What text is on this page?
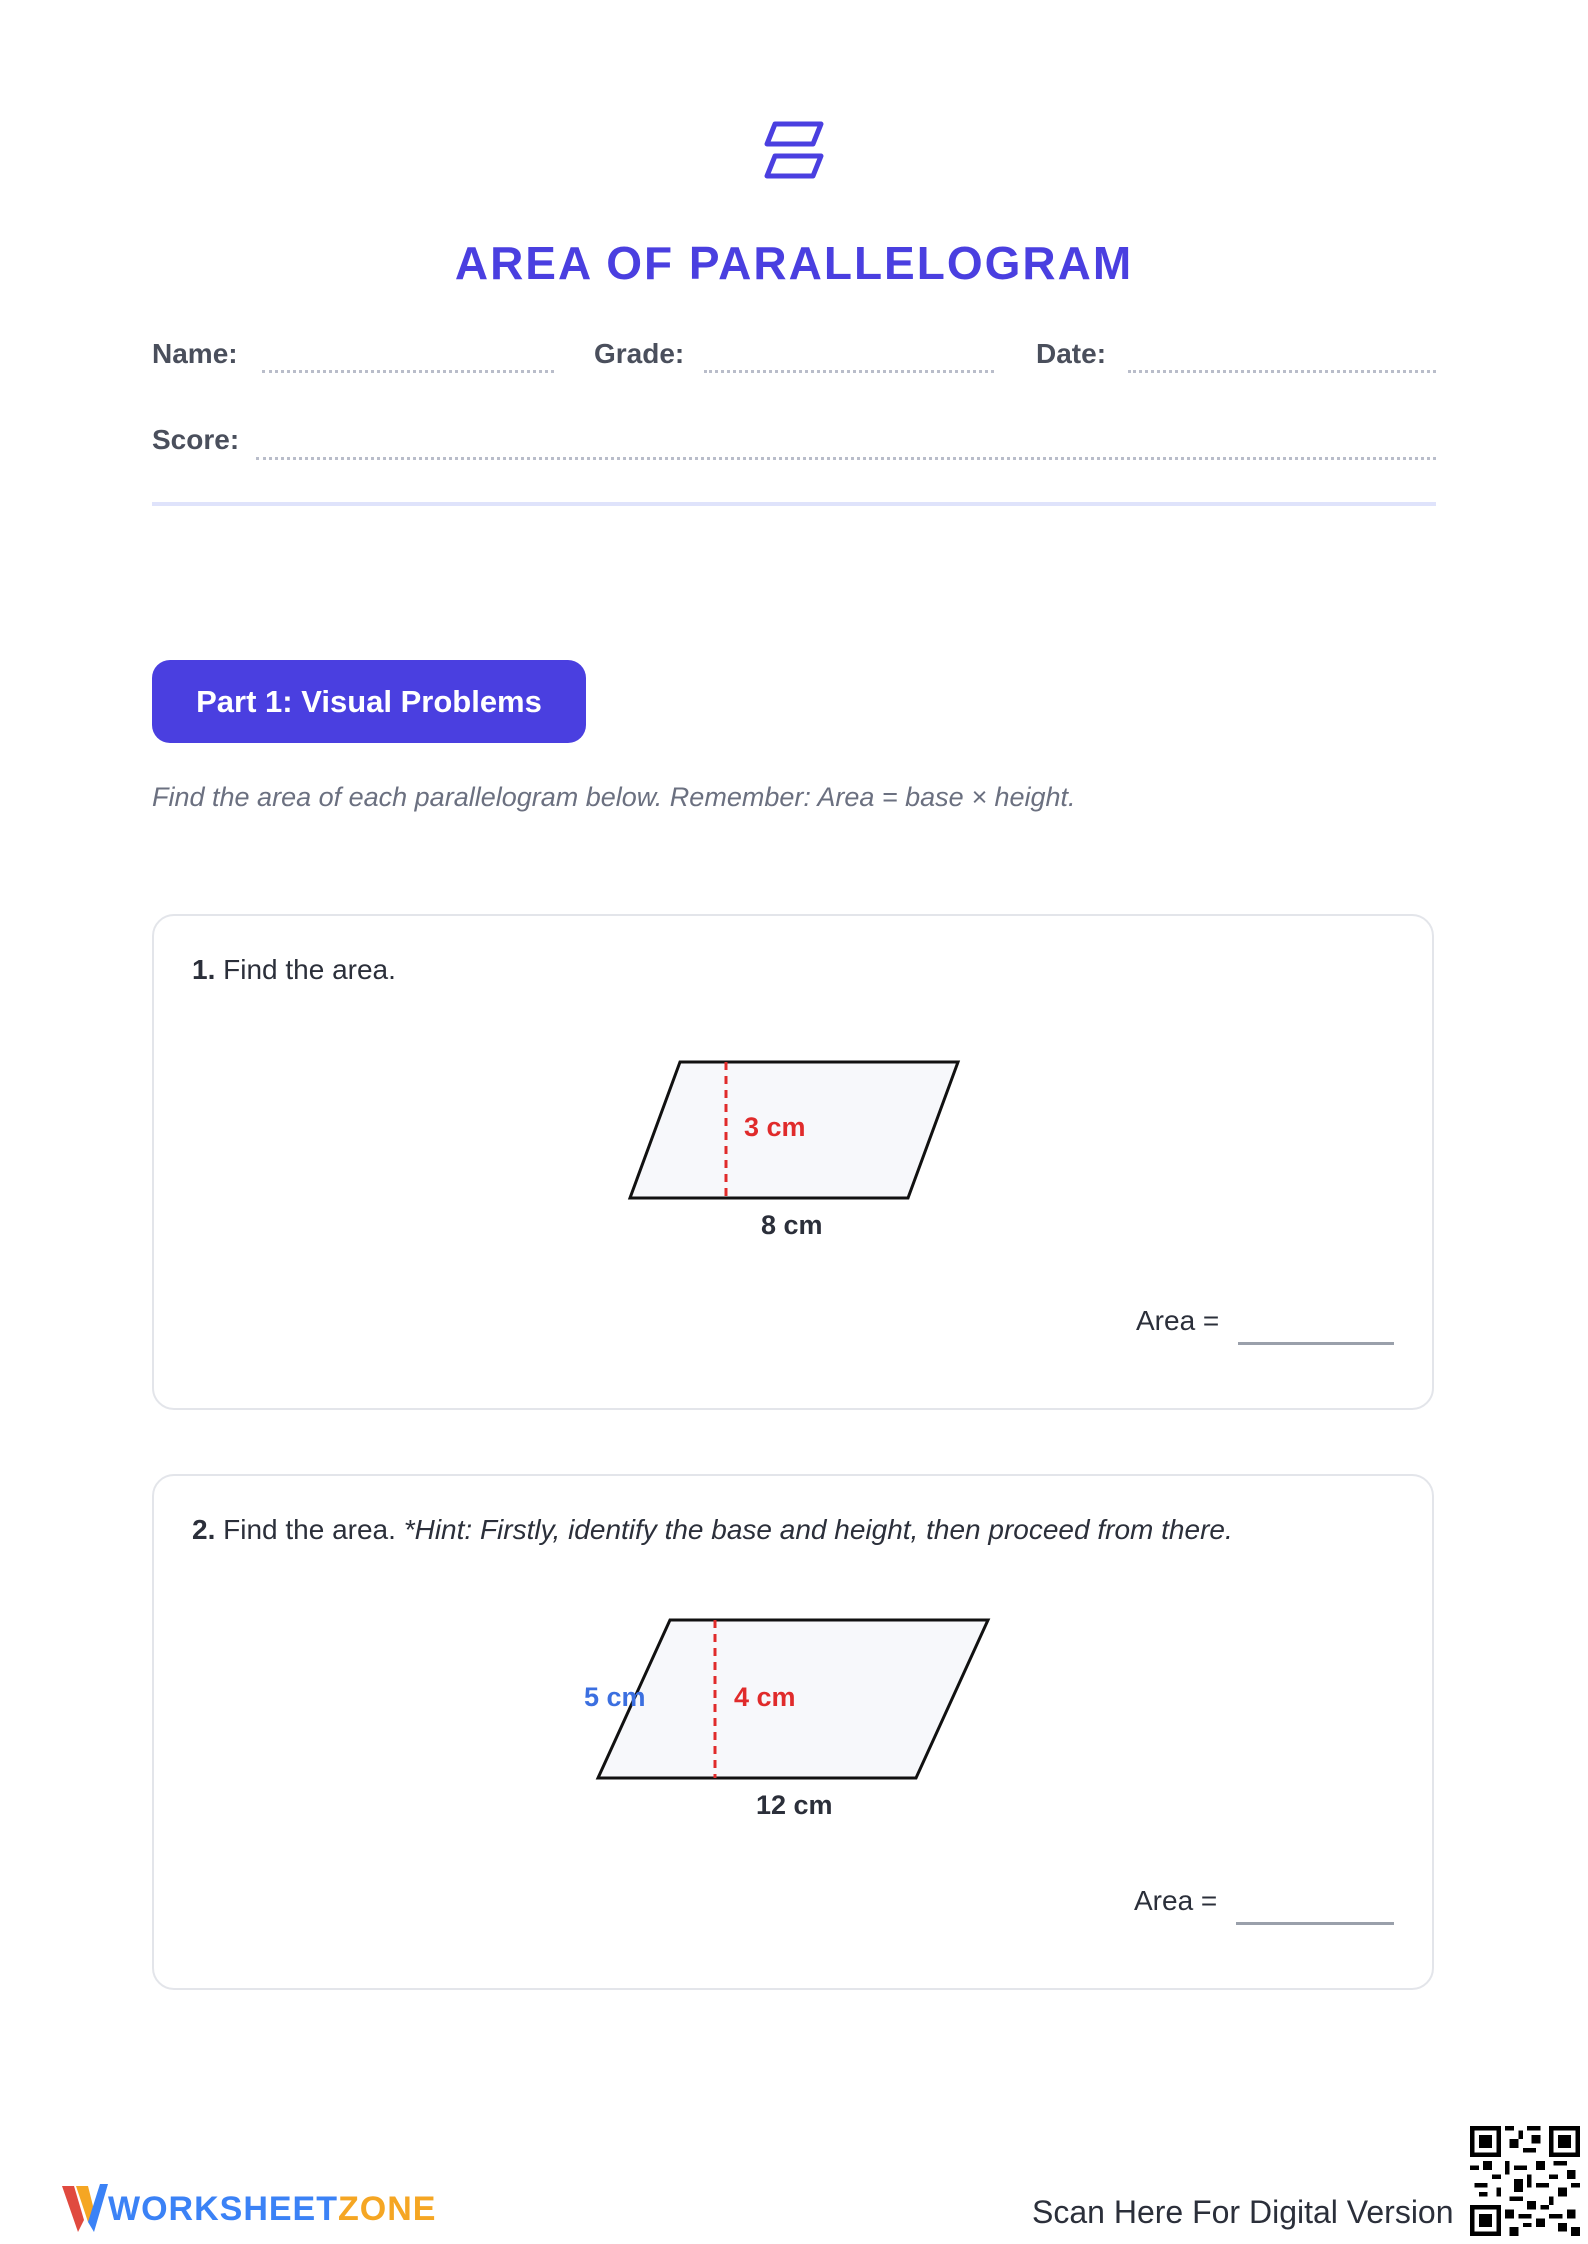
AREA OF PARALLELOGRAM
Name:	Grade:	Date:
Score:
Part 1: Visual Problems
Find the area of each parallelogram below. Remember: Area = base × height.
1. Find the area.
3 cm
8 cm
Area =
2. Find the area. *Hint: Firstly, identify the base and height, then proceed from there.
5 cm	4 cm
12 cm
Area =
WORKSHEETZONE	Scan Here For Digital Version
